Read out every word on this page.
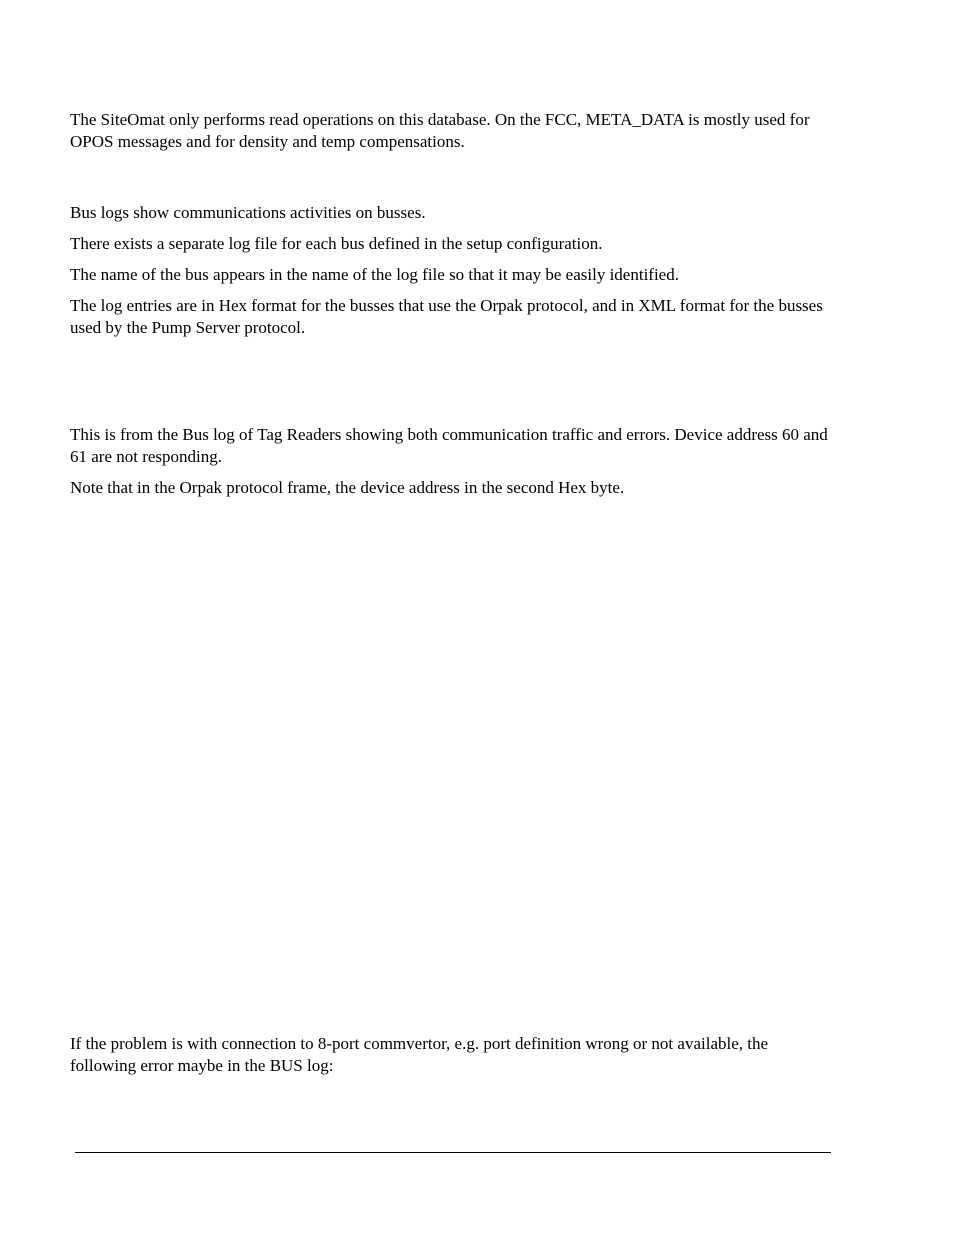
The SiteOmat only performs read operations on this database. On the FCC, META_DATA is mostly used for OPOS messages and for density and temp compensations.

Bus logs show communications activities on busses.

There exists a separate log file for each bus defined in the setup configuration.

The name of the bus appears in the name of the log file so that it may be easily identified.

The log entries are in Hex format for the busses that use the Orpak protocol, and in XML format for the busses used by the Pump Server protocol.

This is from the Bus log of Tag Readers showing both communication traffic and errors. Device address 60 and 61 are not responding.

Note that in the Orpak protocol frame, the device address in the second Hex byte.

If the problem is with connection to 8-port commvertor, e.g. port definition wrong or not available, the following error maybe in the BUS log:
